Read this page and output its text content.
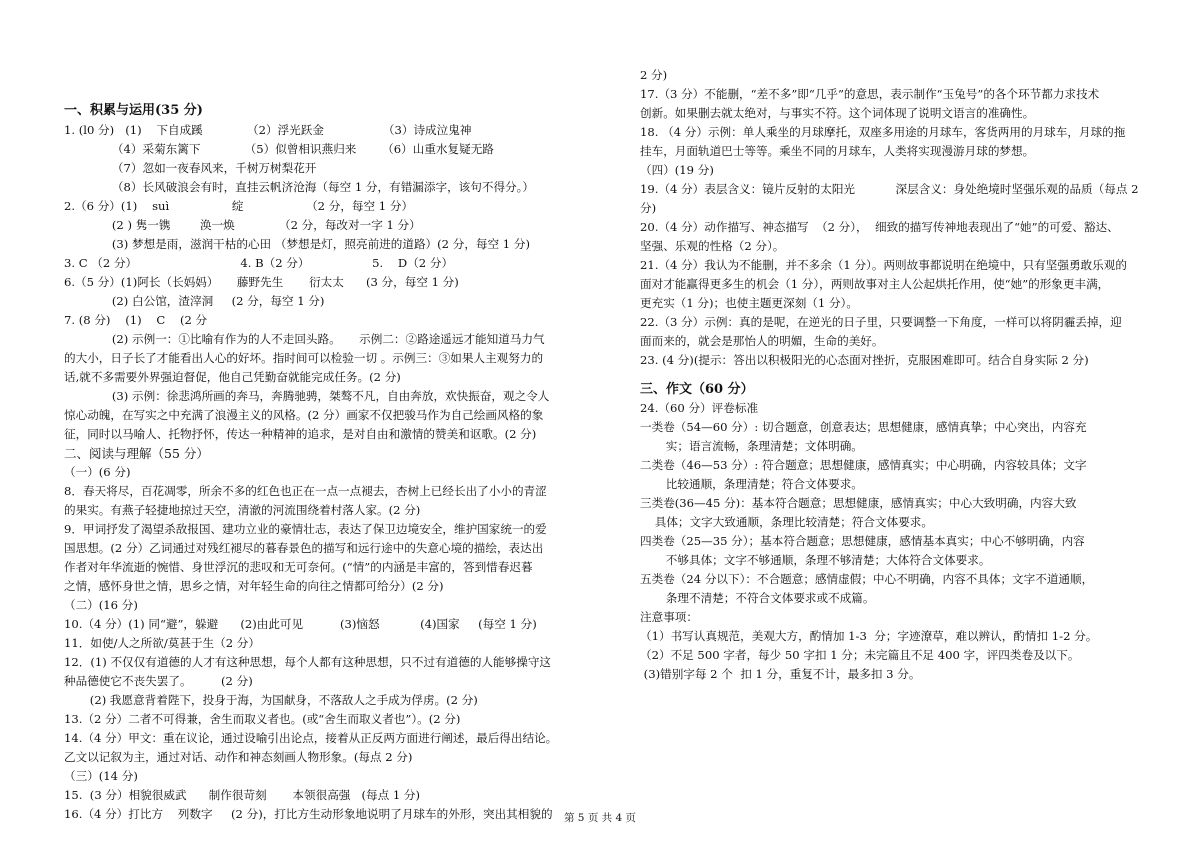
一、积累与运用(35 分)
1. (l0 分)   (1)    下自成蹊            （2）浮光跃金                （3）诗成泣鬼神
（4）采菊东篱下            （5）似曾相识燕归来       （6）山重水复疑无路
（7）忽如一夜春风来，千树万树梨花开
（8）长风破浪会有时，直挂云帆济沧海（每空 1 分，有错漏添字，该句不得分。）
2.（6 分）(1)    suì                 绽                 （2 分，每空 1 分）
(2 ) 隽一镌        涣一焕            （2 分，每改对一字 1 分）
(3) 梦想是雨，滋润干枯的心田 （梦想是灯，照亮前进的道路）(2 分，每空 1 分)
3. C （2 分）                            4. B（2 分）                 5.    D（2 分）
6.（5 分）(1)阿长（长妈妈）     藤野先生       衍太太      (3 分，每空 1 分)
(2) 白公馆，渣滓洞     (2 分，每空 1 分)
7. (8 分)    (1)    C    (2 分
(2) 示例一：①比喻有作为的人不走回头路。     示例二：②路途遥远才能知道马力气
的大小，日子长了才能看出人心的好坏。指时间可以检验一切 。示例三：③如果人主观努力的
话,就不多需要外界强迫督促，他自己凭勤奋就能完成任务。(2 分)
(3) 示例：徐悲鸿所画的奔马，奔腾驰骋，桀骜不凡，自由奔放，欢快振奋，观之令人
惊心动魄，在写实之中充满了浪漫主义的风格。(2 分）画家不仅把骏马作为自己绘画风格的象
征，同时以马喻人、托物抒怀，传达一种精神的追求，是对自由和激情的赞美和讴歌。(2 分)
二、阅读与理解（55 分）
（一）(6 分)
8．春天将尽，百花凋零，所余不多的红色也正在一点一点褪去，杏树上已经长出了小小的青涩
的果实。有燕子轻捷地掠过天空，清澈的河流围绕着村落人家。(2 分)
9．甲词抒发了渴望杀敌报国、建功立业的豪情壮志，表达了保卫边境安全，维护国家统一的爱
国思想。(2 分）乙词通过对残红褪尽的暮春景色的描写和远行途中的失意心境的描绘，表达出
作者对年华流逝的惋惜、身世浮沉的悲叹和无可奈何。(“情”的内涵是丰富的，答到惜春迟暮
之情，感怀身世之情，思乡之情，对年轻生命的向往之情都可给分）(2 分)
（二）(16 分)
10.（4 分）(1) 同“避”，躲避      (2)由此可见          (3)恼怒           (4)国家     (每空 1 分)
11．如使/人之所欲/莫甚于生（2 分）
12．(1) 不仅仅有道德的人才有这种思想，每个人都有这种思想，只不过有道德的人能够操守这
种品德使它不丧失罢了。        (2 分)
(2) 我愿意背着陛下，投身于海，为国献身，不落敌人之手成为俘虏。(2 分)
13.（2 分）二者不可得兼，舍生而取义者也。(或“舍生而取义者也”）。(2 分)
14.（4 分）甲文：重在议论，通过设喻引出论点，接着从正反两方面进行阐述，最后得出结论。
乙文以记叙为主，通过对话、动作和神态刻画人物形象。(每点 2 分)
（三）(14 分)
15.  (3 分）相貌很威武      制作很苛刻       本领很高强   (每点 1 分)
16.（4 分）打比方    列数字     (2 分)，打比方生动形象地说明了月球车的外形，突出其相貌的
2 分)
17.（3 分）不能删，“差不多”即“几乎”的意思，表示制作“玉兔号”的各个环节都力求技术
创新。如果删去就太绝对，与事实不符。这个词体现了说明文语言的准确性。
18. （4 分）示例：单人乘坐的月球摩托，双座多用途的月球车，客货两用的月球车，月球的拖
挂车，月面轨道巴士等等。乘坐不同的月球车，人类将实现漫游月球的梦想。
（四）(19 分)
19.（4 分）表层含义：镜片反射的太阳光           深层含义：身处绝境时坚强乐观的品质（每点 2
分)
20.（4 分）动作描写、神态描写  （2 分），  细致的描写传神地表现出了“她”的可爱、豁达、
坚强、乐观的性格（2 分）。
21.（4 分）我认为不能删，并不多余（1 分）。两则故事都说明在绝境中，只有坚强勇敢乐观的
面对才能赢得更多生的机会（1 分），两则故事对主人公起烘托作用，使“她”的形象更丰满，
更充实（1 分)；也使主题更深刻（1 分）。
22.（3 分）示例：真的是呢，在逆光的日子里，只要调整一下角度，一样可以将阴霾丢掉，迎
面而来的，就会是那怡人的明媚，生命的美好。
23. (4 分)(提示：答出以积极阳光的心态面对挫折，克服困难即可。结合自身实际 2 分)
三、作文（60 分）
24.（60 分）评卷标准
一类卷（54—60 分）: 切合题意，创意表达；思想健康，感情真挚；中心突出，内容充
实；语言流畅，条理清楚；文体明确。
二类卷（46—53 分）: 符合题意；思想健康，感情真实；中心明确，内容较具体；文字
比较通顺，条理清楚；符合文体要求。
三类卷(36—45 分)：基本符合题意；思想健康，感情真实；中心大致明确，内容大致
具体；文字大致通顺，条理比较清楚；符合文体要求。
四类卷（25—35 分）；基本符合题意；思想健康，感情基本真实；中心不够明确，内容
不够具体；文字不够通顺，条理不够清楚；大体符合文体要求。
五类卷（24 分以下）：不合题意；感情虚假；中心不明确，内容不具体；文字不道通顺，
条理不清楚；不符合文体要求或不成篇。
注意事项：
（1）书写认真规范，美观大方，酌情加 1-3  分；字迹潦草，难以辨认，酌情扣 1-2 分。
（2）不足 500 字者，每少 50 字扣 1 分；未完篇且不足 400 字，评四类卷及以下。
(3)错别字每 2 个  扣 1 分，重复不计，最多扣 3 分。
第 5 页 共 4 页
